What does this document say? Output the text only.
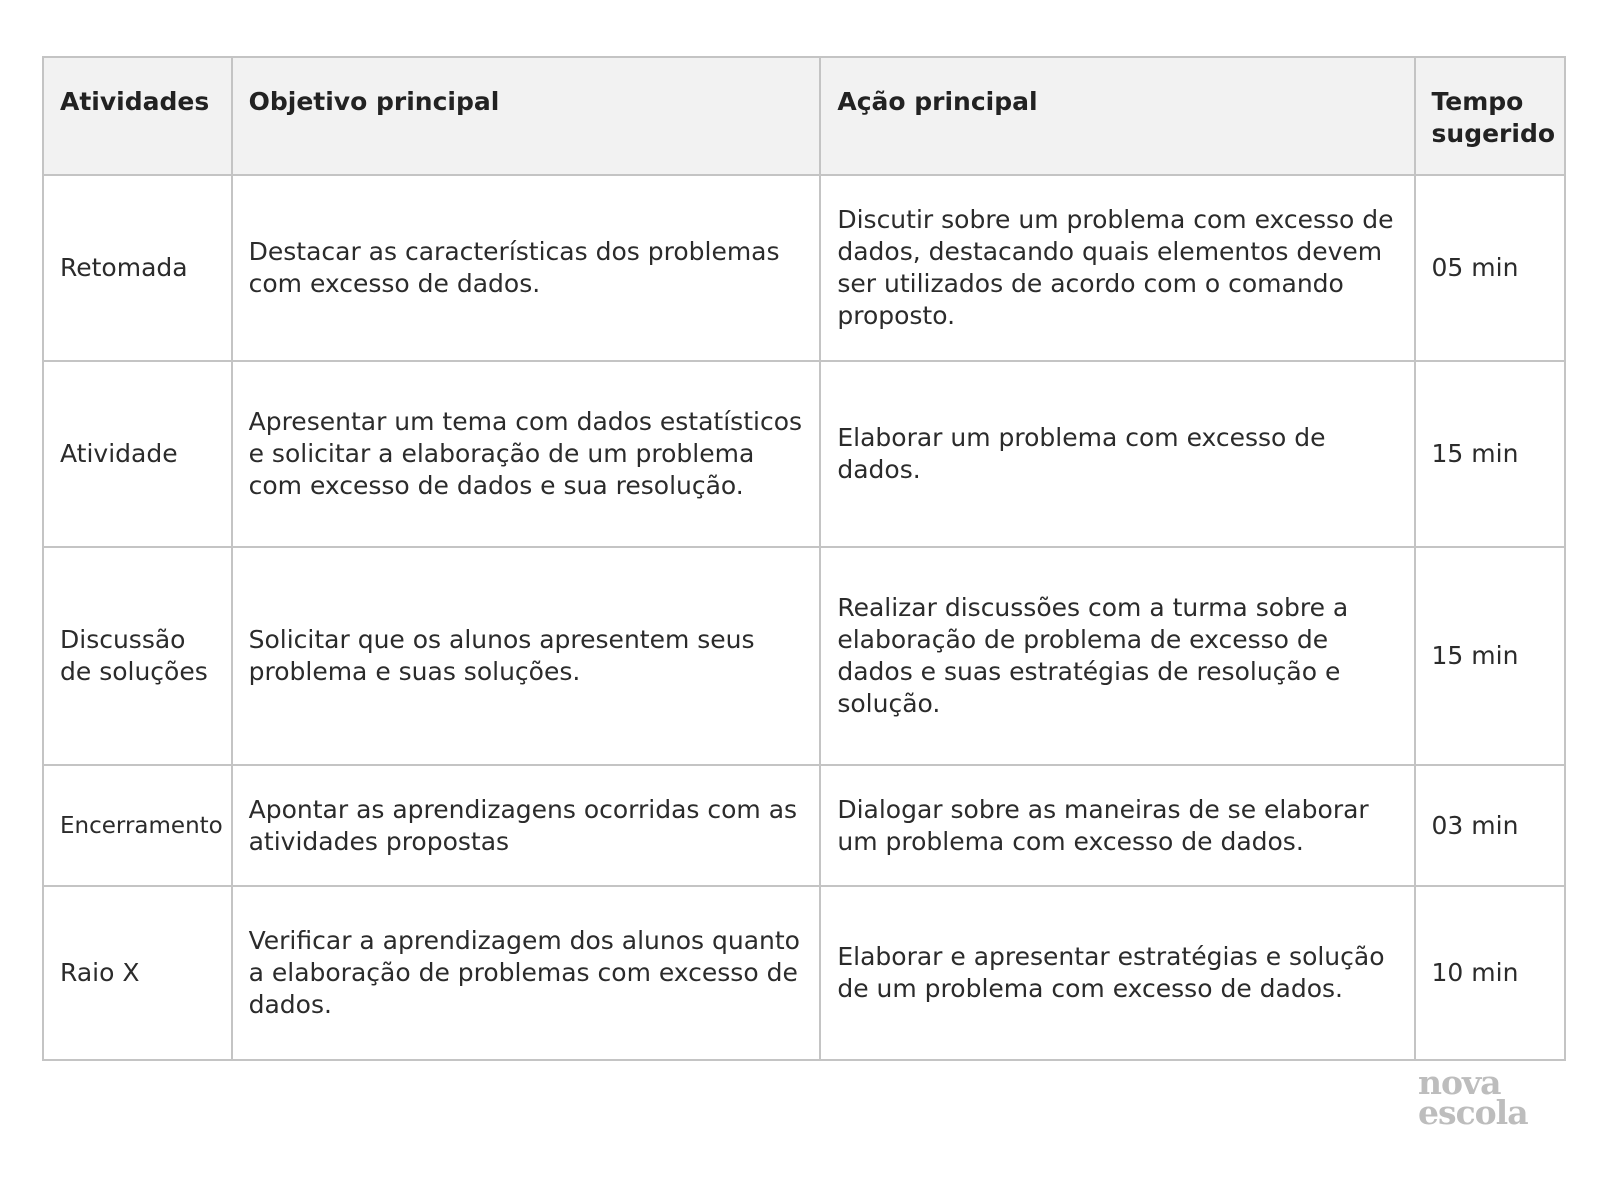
Atividades	Objetivo principal	Ação principal	Tempo sugerido
Retomada	Destacar as características dos problemas com excesso de dados.	Discutir sobre um problema com excesso de dados, destacando quais elementos devem ser utilizados de acordo com o comando proposto.	05 min
Atividade	Apresentar um tema com dados estatísticos e solicitar a elaboração de um problema com excesso de dados e sua resolução.	Elaborar um problema com excesso de dados.	15 min
Discussão de soluções	Solicitar que os alunos apresentem seus problema e suas soluções.	Realizar discussões com a turma sobre a elaboração de problema de excesso de dados e suas estratégias de resolução e solução.	15 min
Encerramento	Apontar as aprendizagens ocorridas com as atividades propostas	Dialogar sobre as maneiras de se elaborar um problema com excesso de dados.	03 min
Raio X	Verificar a aprendizagem dos alunos quanto a elaboração de problemas com excesso de dados.	Elaborar e apresentar estratégias e solução de um problema com excesso de dados.	10 min
nova
escola
